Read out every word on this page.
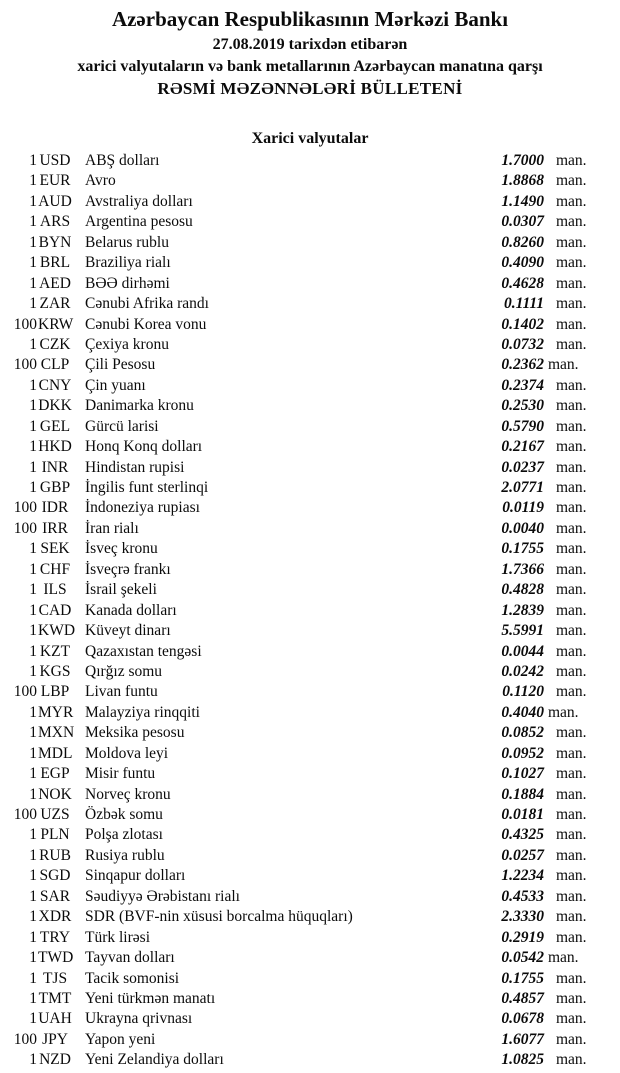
Azərbaycan Respublikasının Mərkəzi Bankı
27.08.2019 tarixdən etibarən
xarici valyutaların və bank metallarının Azərbaycan manatına qarşı
RƏSMİ MƏZƏNNƏLƏRİ BÜLLETENİ
Xarici valyutalar
1 USD ABŞ dolları	1.7000 man.
1 EUR Avro	1.8868 man.
1 AUD Avstraliya dolları	1.1490 man.
1 ARS Argentina pesosu	0.0307 man.
1 BYN Belarus rublu	0.8260 man.
1 BRL Braziliya rialı	0.4090 man.
1 AED BƏƏ dirhəmi	0.4628 man.
1 ZAR Cənubi Afrika randı	0.1111 man.
100 KRW Cənubi Korea vonu	0.1402 man.
1 CZK Çexiya kronu	0.0732 man.
100 CLP Çili Pesosu	0.2362 man.
1 CNY Çin yuanı	0.2374 man.
1 DKK Danimarka kronu	0.2530 man.
1 GEL Gürcü larisi	0.5790 man.
1 HKD Honq Konq dolları	0.2167 man.
1 INR Hindistan rupisi	0.0237 man.
1 GBP İngilis funt sterlinqi	2.0771 man.
100 IDR İndoneziya rupiası	0.0119 man.
100 IRR İran rialı	0.0040 man.
1 SEK İsveç kronu	0.1755 man.
1 CHF İsveçrə frankı	1.7366 man.
1 ILS	İsrail şekeli	0.4828 man.
1 CAD Kanada dolları	1.2839 man.
1 KWD Küveyt dinarı	5.5991 man.
1 KZT Qazaxıstan tengəsi	0.0044 man.
1 KGS Qırğız somu	0.0242 man.
100 LBP Livan funtu	0.1120 man.
1 MYR Malayziya rinqqiti	0.4040 man.
1 MXN Meksika pesosu	0.0852 man.
1 MDL Moldova leyi	0.0952 man.
1 EGP Misir funtu	0.1027 man.
1 NOK Norveç kronu	0.1884 man.
100 UZS Özbək somu	0.0181 man.
1 PLN Polşa zlotası	0.4325 man.
1 RUB Rusiya rublu	0.0257 man.
1 SGD Sinqapur dolları	1.2234 man.
1 SAR Səudiyyə Ərəbistanı rialı	0.4533 man.
1 XDR SDR (BVF-nin xüsusi borcalma hüquqları)	2.3330 man.
1 TRY Türk lirəsi	0.2919 man.
1 TWD Tayvan dolları	0.0542 man.
1 TJS	Tacik somonisi	0.1755 man.
1 TMT Yeni türkmən manatı	0.4857 man.
1 UAH Ukrayna qrivnası	0.0678 man.
100 JPY Yapon yeni	1.6077 man.
1 NZD Yeni Zelandiya dolları	1.0825 man.
